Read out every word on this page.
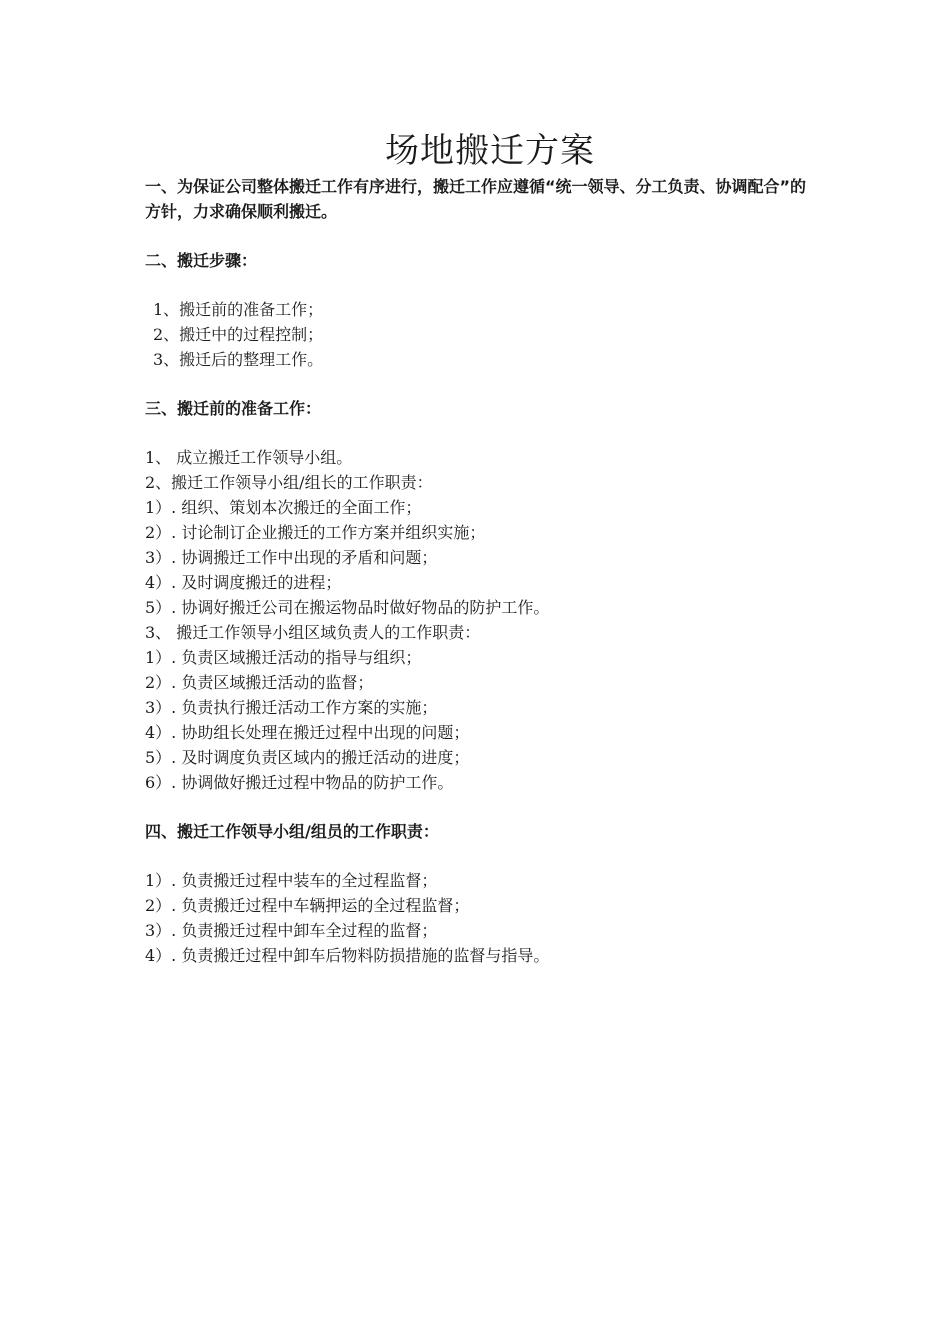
场地搬迁方案

一、为保证公司整体搬迁工作有序进行，搬迁工作应遵循“统一领导、分工负责、协调配合”的方针，力求确保顺利搬迁。

二、搬迁步骤：

1、搬迁前的准备工作；

2、搬迁中的过程控制；

3、搬迁后的整理工作。

三、搬迁前的准备工作：

1、 成立搬迁工作领导小组。

2、搬迁工作领导小组/组长的工作职责：

1）. 组织、策划本次搬迁的全面工作；

2）. 讨论制订企业搬迁的工作方案并组织实施；

3）. 协调搬迁工作中出现的矛盾和问题；

4）. 及时调度搬迁的进程；

5）. 协调好搬迁公司在搬运物品时做好物品的防护工作。

3、 搬迁工作领导小组区域负责人的工作职责：

1）. 负责区域搬迁活动的指导与组织；

2）. 负责区域搬迁活动的监督；

3）. 负责执行搬迁活动工作方案的实施；

4）. 协助组长处理在搬迁过程中出现的问题；

5）. 及时调度负责区域内的搬迁活动的进度；

6）. 协调做好搬迁过程中物品的防护工作。

四、搬迁工作领导小组/组员的工作职责：

1）. 负责搬迁过程中装车的全过程监督；

2）. 负责搬迁过程中车辆押运的全过程监督；

3）. 负责搬迁过程中卸车全过程的监督；

4）. 负责搬迁过程中卸车后物料防损措施的监督与指导。
